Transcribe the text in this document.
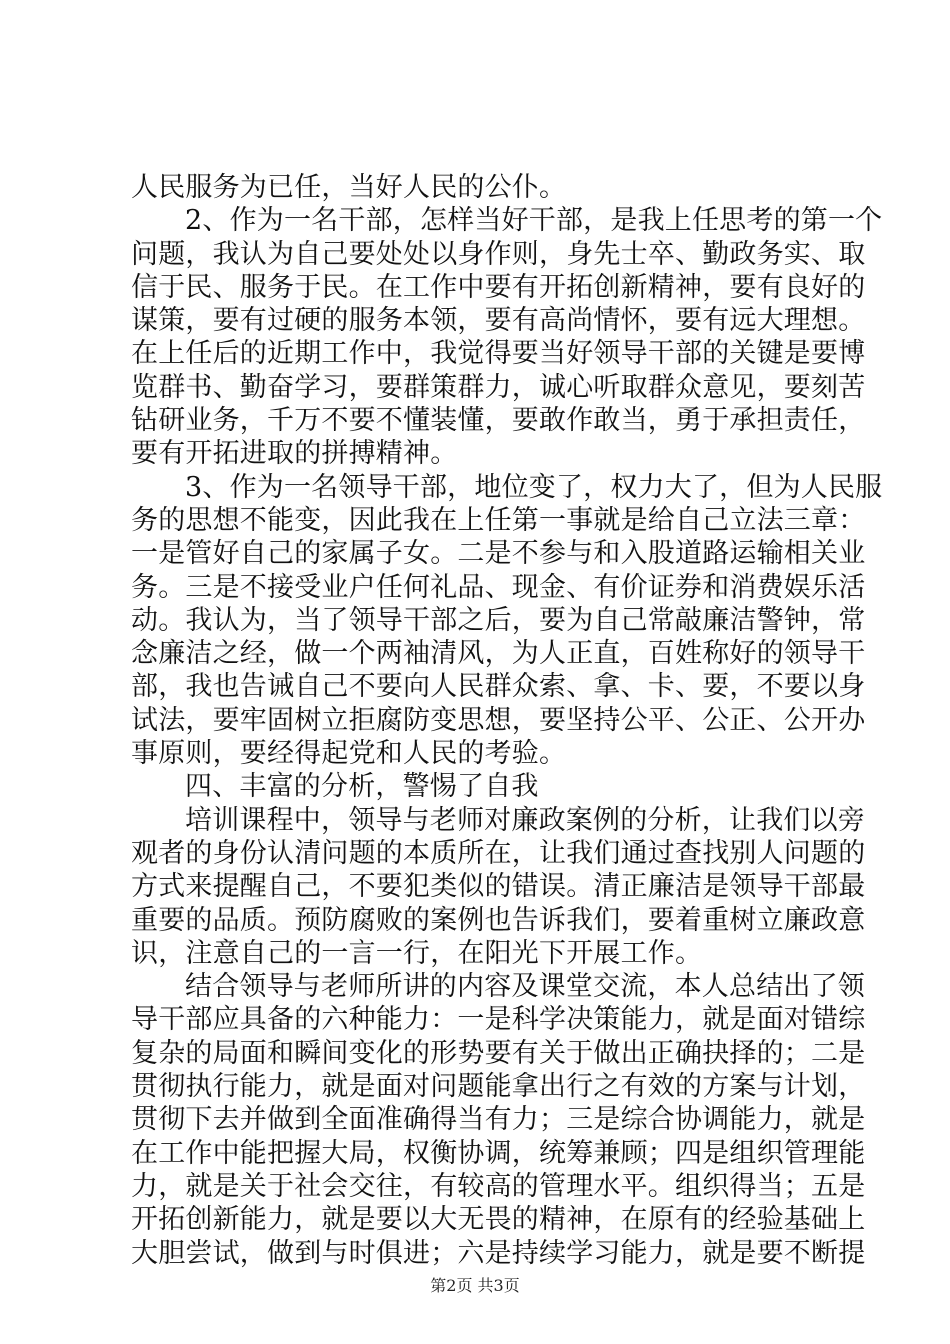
人民服务为已任，当好人民的公仆。
2、作为一名干部，怎样当好干部，是我上任思考的第一个
问题，我认为自己要处处以身作则，身先士卒、勤政务实、取
信于民、服务于民。在工作中要有开拓创新精神，要有良好的
谋策，要有过硬的服务本领，要有高尚情怀，要有远大理想。
在上任后的近期工作中，我觉得要当好领导干部的关键是要博
览群书、勤奋学习，要群策群力，诚心听取群众意见，要刻苦
钻研业务，千万不要不懂装懂，要敢作敢当，勇于承担责任，
要有开拓进取的拼搏精神。
3、作为一名领导干部，地位变了，权力大了，但为人民服
务的思想不能变，因此我在上任第一事就是给自己立法三章：
一是管好自己的家属子女。二是不参与和入股道路运输相关业
务。三是不接受业户任何礼品、现金、有价证券和消费娱乐活
动。我认为，当了领导干部之后，要为自己常敲廉洁警钟，常
念廉洁之经，做一个两袖清风，为人正直，百姓称好的领导干
部，我也告诫自己不要向人民群众索、拿、卡、要，不要以身
试法，要牢固树立拒腐防变思想，要坚持公平、公正、公开办
事原则，要经得起党和人民的考验。
四、丰富的分析，警惕了自我
培训课程中，领导与老师对廉政案例的分析，让我们以旁
观者的身份认清问题的本质所在，让我们通过查找别人问题的
方式来提醒自己，不要犯类似的错误。清正廉洁是领导干部最
重要的品质。预防腐败的案例也告诉我们，要着重树立廉政意
识，注意自己的一言一行，在阳光下开展工作。
结合领导与老师所讲的内容及课堂交流，本人总结出了领
导干部应具备的六种能力：一是科学决策能力，就是面对错综
复杂的局面和瞬间变化的形势要有关于做出正确抉择的；二是
贯彻执行能力，就是面对问题能拿出行之有效的方案与计划，
贯彻下去并做到全面准确得当有力；三是综合协调能力，就是
在工作中能把握大局，权衡协调，统筹兼顾；四是组织管理能
力，就是关于社会交往，有较高的管理水平。组织得当；五是
开拓创新能力，就是要以大无畏的精神，在原有的经验基础上
大胆尝试，做到与时俱进；六是持续学习能力，就是要不断提
第2页 共3页
